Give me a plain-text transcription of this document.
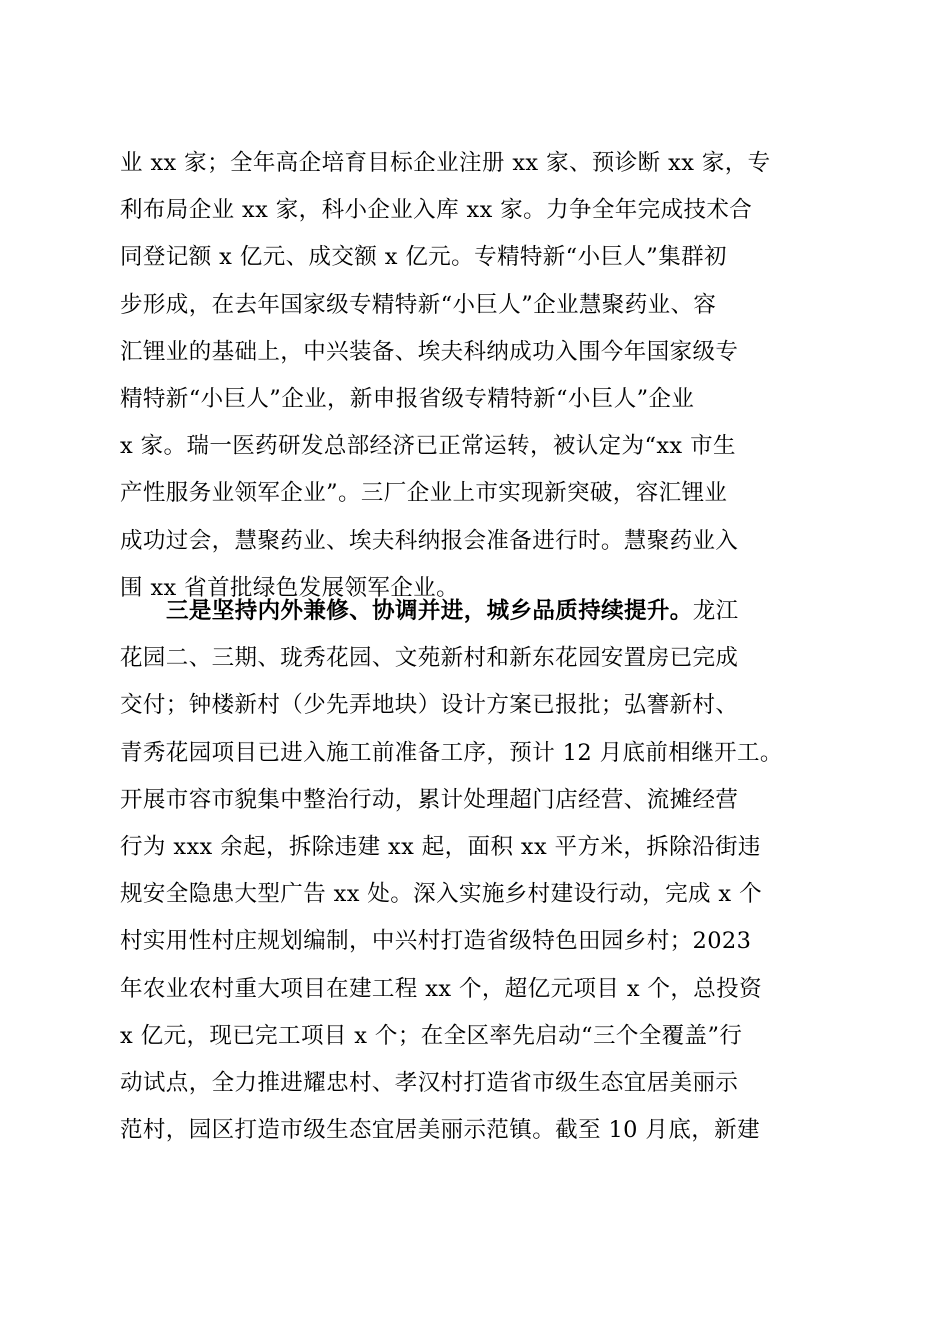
业 xx 家；全年高企培育目标企业注册 xx 家、预诊断 xx 家，专
利布局企业 xx 家，科小企业入库 xx 家。力争全年完成技术合
同登记额 x 亿元、成交额 x 亿元。专精特新“小巨人”集群初
步形成，在去年国家级专精特新“小巨人”企业慧聚药业、容
汇锂业的基础上，中兴装备、埃夫科纳成功入围今年国家级专
精特新“小巨人”企业，新申报省级专精特新“小巨人”企业
x 家。瑞一医药研发总部经济已正常运转，被认定为“xx 市生
产性服务业领军企业”。三厂企业上市实现新突破，容汇锂业
成功过会，慧聚药业、埃夫科纳报会准备进行时。慧聚药业入
围 xx 省首批绿色发展领军企业。
三是坚持内外兼修、协调并进，城乡品质持续提升。龙江
花园二、三期、珑秀花园、文苑新村和新东花园安置房已完成
交付；钟楼新村（少先弄地块）设计方案已报批；弘謇新村、
青秀花园项目已进入施工前准备工序，预计 12 月底前相继开工。
开展市容市貌集中整治行动，累计处理超门店经营、流摊经营
行为 xxx 余起，拆除违建 xx 起，面积 xx 平方米，拆除沿街违
规安全隐患大型广告 xx 处。深入实施乡村建设行动，完成 x 个
村实用性村庄规划编制，中兴村打造省级特色田园乡村；2023
年农业农村重大项目在建工程 xx 个，超亿元项目 x 个，总投资
x 亿元，现已完工项目 x 个；在全区率先启动“三个全覆盖”行
动试点，全力推进耀忠村、孝汉村打造省市级生态宜居美丽示
范村，园区打造市级生态宜居美丽示范镇。截至 10 月底，新建
